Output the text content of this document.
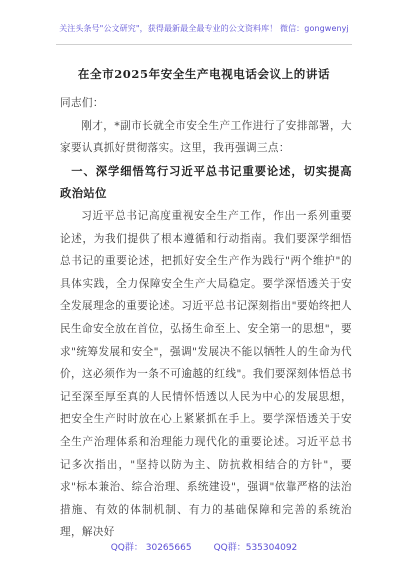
关注头条号"公文研究"，获得最新最全最专业的公文资料库！ 微信：gongwenyj
在全市2025年安全生产电视电话会议上的讲话

同志们：

刚才，*副市长就全市安全生产工作进行了安排部署，大家要认真抓好贯彻落实。这里，我再强调三点：

一、深学细悟笃行习近平总书记重要论述，切实提高政治站位

习近平总书记高度重视安全生产工作，作出一系列重要论述，为我们提供了根本遵循和行动指南。我们要深学细悟总书记的重要论述，把抓好安全生产作为践行"两个维护"的具体实践，全力保障安全生产大局稳定。要学深悟透关于安全发展理念的重要论述。习近平总书记深刻指出"要始终把人民生命安全放在首位，弘扬生命至上、安全第一的思想"，要求"统筹发展和安全"，强调"发展决不能以牺牲人的生命为代价，这必须作为一条不可逾越的红线"。我们要深刻体悟总书记至深至厚至真的人民情怀悟透以人民为中心的发展思想，把安全生产时时放在心上紧紧抓在手上。要学深悟透关于安全生产治理体系和治理能力现代化的重要论述。习近平总书记多次指出，"坚持以防为主、防抗救相结合的方针"，要求"标本兼治、综合治理、系统建设"，强调"依靠严格的法治措施、有效的体制机制、有力的基础保障和完善的系统治理，解决好

QQ群： 30265665 QQ群：535304092
